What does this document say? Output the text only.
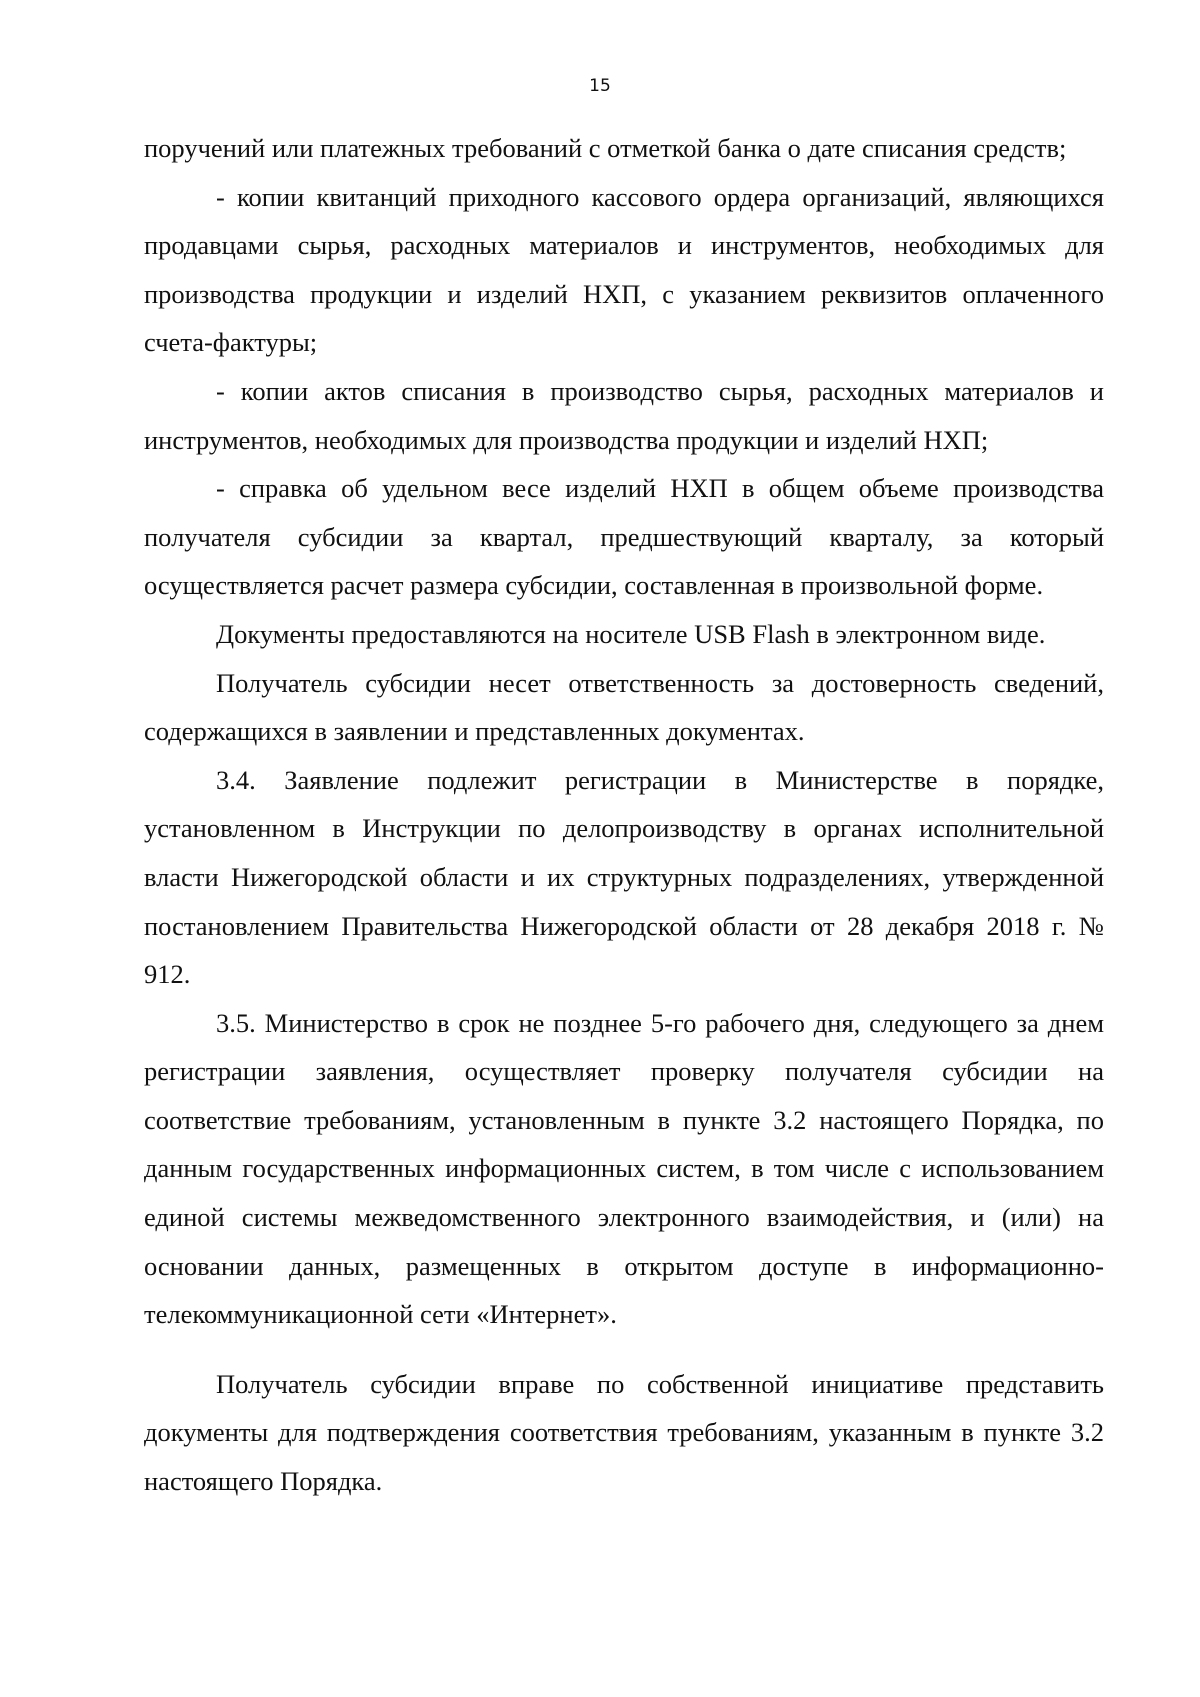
15

поручений или платежных требований с отметкой банка о дате списания средств;

- копии квитанций приходного кассового ордера организаций, являющихся продавцами сырья, расходных материалов и инструментов, необходимых для производства продукции и изделий НХП, с указанием реквизитов оплаченного счета-фактуры;

- копии актов списания в производство сырья, расходных материалов и инструментов, необходимых для производства продукции и изделий НХП;

- справка об удельном весе изделий НХП в общем объеме производства получателя субсидии за квартал, предшествующий кварталу, за который осуществляется расчет размера субсидии, составленная в произвольной форме.

Документы предоставляются на носителе USB Flash в электронном виде.

Получатель субсидии несет ответственность за достоверность сведений, содержащихся в заявлении и представленных документах.

3.4. Заявление подлежит регистрации в Министерстве в порядке, установленном в Инструкции по делопроизводству в органах исполнительной власти Нижегородской области и их структурных подразделениях, утвержденной постановлением Правительства Нижегородской области от 28 декабря 2018 г. № 912.

3.5. Министерство в срок не позднее 5-го рабочего дня, следующего за днем регистрации заявления, осуществляет проверку получателя субсидии на соответствие требованиям, установленным в пункте 3.2 настоящего Порядка, по данным государственных информационных систем, в том числе с использованием единой системы межведомственного электронного взаимодействия, и (или) на основании данных, размещенных в открытом доступе в информационно-телекоммуникационной сети «Интернет».

Получатель субсидии вправе по собственной инициативе представить документы для подтверждения соответствия требованиям, указанным в пункте 3.2 настоящего Порядка.
